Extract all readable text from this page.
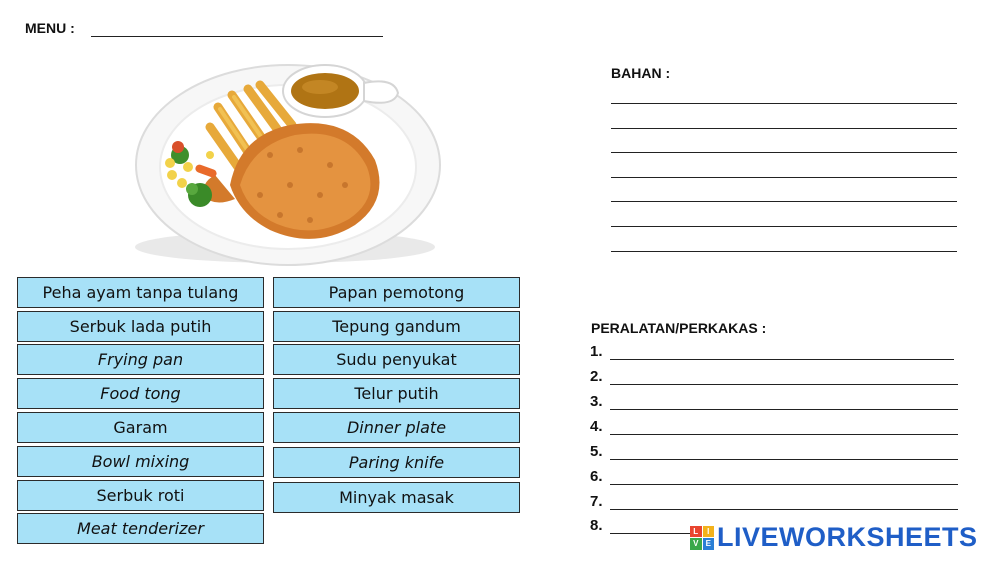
MENU :
Peha ayam tanpa tulang
Serbuk lada putih
Frying pan
Food tong
Garam
Bowl mixing
Serbuk roti
Meat tenderizer
Papan pemotong
Tepung gandum
Sudu penyukat
Telur putih
Dinner plate
Paring knife
Minyak masak
BAHAN :
PERALATAN/PERKAKAS :
1.
2.
3.
4.
5.
6.
7.
8.	L	I
V E LIVEWORKSHEETS
